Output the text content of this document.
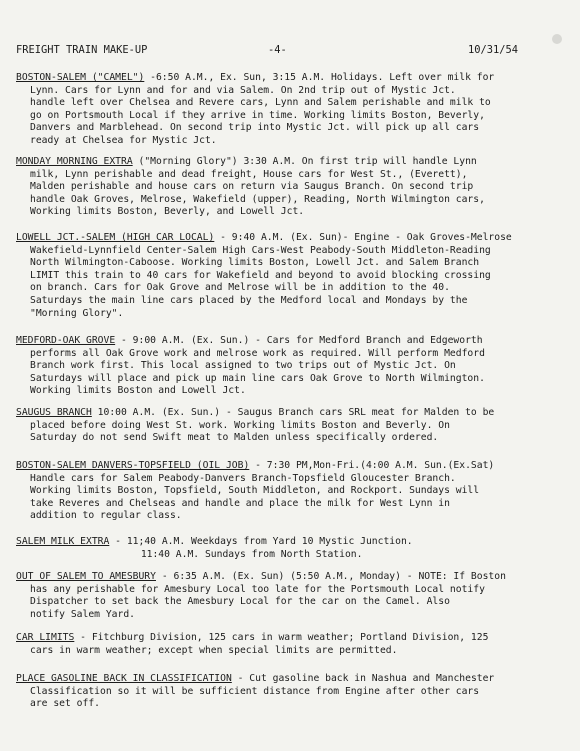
FREIGHT TRAIN MAKE-UP	-4-	10/31/54
BOSTON-SALEM ("CAMEL") -6:50 A.M., Ex. Sun, 3:15 A.M. Holidays. Left over milk for
Lynn. Cars for Lynn and for and via Salem. On 2nd trip out of Mystic Jct.
handle left over Chelsea and Revere cars, Lynn and Salem perishable and milk to
go on Portsmouth Local if they arrive in time. Working limits Boston, Beverly,
Danvers and Marblehead. On second trip into Mystic Jct. will pick up all cars
ready at Chelsea for Mystic Jct.
MONDAY MORNING EXTRA ("Morning Glory") 3:30 A.M. On first trip will handle Lynn
milk, Lynn perishable and dead freight, House cars for West St., (Everett),
Malden perishable and house cars on return via Saugus Branch. On second trip
handle Oak Groves, Melrose, Wakefield (upper), Reading, North Wilmington cars,
Working limits Boston, Beverly, and Lowell Jct.
LOWELL JCT.-SALEM (HIGH CAR LOCAL) - 9:40 A.M. (Ex. Sun)- Engine - Oak Groves-Melrose
Wakefield-Lynnfield Center-Salem High Cars-West Peabody-South Middleton-Reading
North Wilmington-Caboose. Working limits Boston, Lowell Jct. and Salem Branch
LIMIT this train to 40 cars for Wakefield and beyond to avoid blocking crossing
on branch. Cars for Oak Grove and Melrose will be in addition to the 40.
Saturdays the main line cars placed by the Medford local and Mondays by the
"Morning Glory".
MEDFORD-OAK GROVE - 9:00 A.M. (Ex. Sun.) - Cars for Medford Branch and Edgeworth
performs all Oak Grove work and melrose work as required. Will perform Medford
Branch work first. This local assigned to two trips out of Mystic Jct. On
Saturdays will place and pick up main line cars Oak Grove to North Wilmington.
Working limits Boston and Lowell Jct.
SAUGUS BRANCH 10:00 A.M. (Ex. Sun.) - Saugus Branch cars SRL meat for Malden to be
placed before doing West St. work. Working limits Boston and Beverly. On
Saturday do not send Swift meat to Malden unless specifically ordered.
BOSTON-SALEM DANVERS-TOPSFIELD (OIL JOB) - 7:30 PM,Mon-Fri.(4:00 A.M. Sun.(Ex.Sat)
Handle cars for Salem Peabody-Danvers Branch-Topsfield Gloucester Branch.
Working limits Boston, Topsfield, South Middleton, and Rockport. Sundays will
take Reveres and Chelseas and handle and place the milk for West Lynn in
addition to regular class.
SALEM MILK EXTRA - 11;40 A.M. Weekdays from Yard 10 Mystic Junction.
11:40 A.M. Sundays from North Station.
OUT OF SALEM TO AMESBURY - 6:35 A.M. (Ex. Sun) (5:50 A.M., Monday) - NOTE: If Boston
has any perishable for Amesbury Local too late for the Portsmouth Local notify
Dispatcher to set back the Amesbury Local for the car on the Camel. Also
notify Salem Yard.
CAR LIMITS - Fitchburg Division, 125 cars in warm weather; Portland Division, 125
cars in warm weather; except when special limits are permitted.
PLACE GASOLINE BACK IN CLASSIFICATION - Cut gasoline back in Nashua and Manchester
Classification so it will be sufficient distance from Engine after other cars
are set off.
